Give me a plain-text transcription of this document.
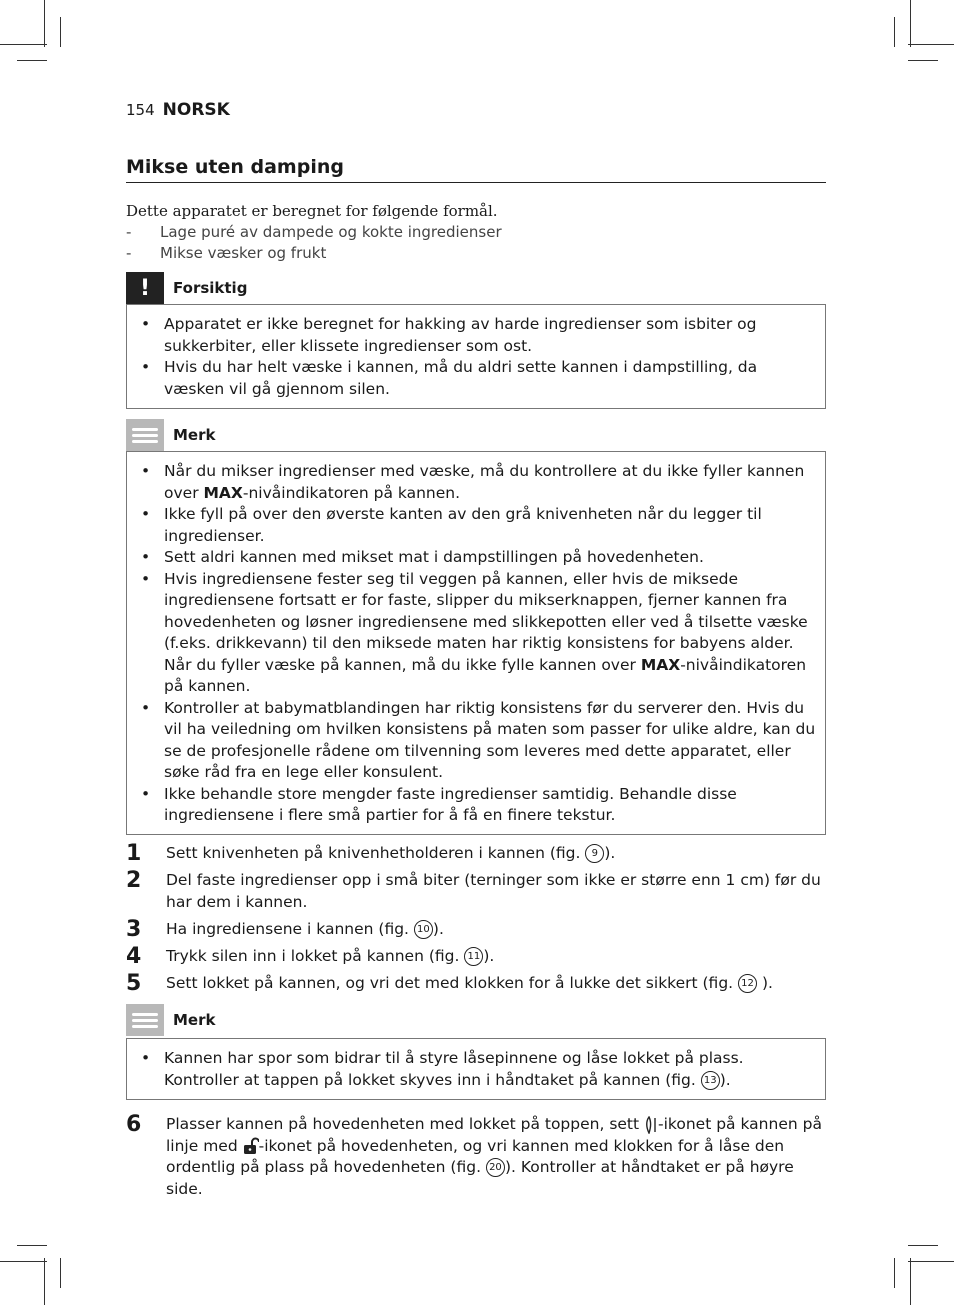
154 NORSK
Mikse uten damping

Dette apparatet er beregnet for følgende formål.

-	Lage puré av dampede og kokte ingredienser
-	Mikse væsker og frukt
!	Forsiktig
• Apparatet er ikke beregnet for hakking av harde ingredienser som isbiter og sukkerbiter, eller klissete ingredienser som ost.
• Hvis du har helt væske i kannen, må du aldri sette kannen i dampstilling, da væsken vil gå gjennom silen.
Merk
• Når du mikser ingredienser med væske, må du kontrollere at du ikke fyller kannen over MAX-nivåindikatoren på kannen.
• Ikke fyll på over den øverste kanten av den grå knivenheten når du legger til ingredienser.
• Sett aldri kannen med mikset mat i dampstillingen på hovedenheten.
• Hvis ingrediensene fester seg til veggen på kannen, eller hvis de miksede ingrediensene fortsatt er for faste, slipper du mikserknappen, fjerner kannen fra hovedenheten og løsner ingrediensene med slikkepotten eller ved å tilsette væske (f.eks. drikkevann) til den miksede maten har riktig konsistens for babyens alder. Når du fyller væske på kannen, må du ikke fylle kannen over MAX-nivåindikatoren på kannen.
• Kontroller at babymatblandingen har riktig konsistens før du serverer den. Hvis du vil ha veiledning om hvilken konsistens på maten som passer for ulike aldre, kan du se de profesjonelle rådene om tilvenning som leveres med dette apparatet, eller søke råd fra en lege eller konsulent.
• Ikke behandle store mengder faste ingredienser samtidig. Behandle disse ingrediensene i flere små partier for å få en finere tekstur.
1	Sett knivenheten på knivenhetholderen i kannen (fig. 9 ).
2	Del faste ingredienser opp i små biter (terninger som ikke er større enn 1 cm) før du har dem i kannen.
3	Ha ingrediensene i kannen (fig. 10 ).
4	Trykk silen inn i lokket på kannen (fig. 11 ).
5	Sett lokket på kannen, og vri det med klokken for å lukke det sikkert (fig. 12 ).
Merk
• Kannen har spor som bidrar til å styre låsepinnene og låse lokket på plass. Kontroller at tappen på lokket skyves inn i håndtaket på kannen (fig. 13 ).
6	Plasser kannen på hovedenheten med lokket på toppen, sett -ikonet på kannen på linje med -ikonet på hovedenheten, og vri kannen med klokken for å låse den ordentlig på plass på hovedenheten (fig. 20 ). Kontroller at håndtaket er på høyre side.
